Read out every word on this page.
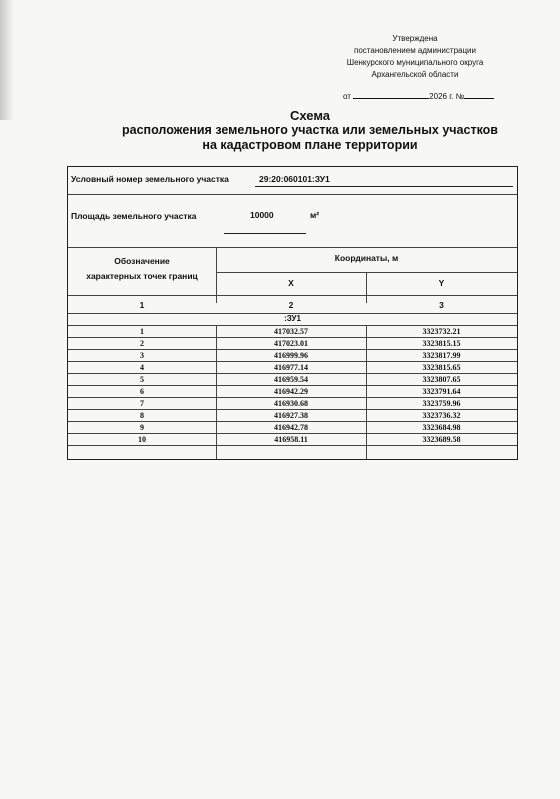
Утверждена
постановлением администрации
Шенкурского муниципального округа
Архангельской области
от	2026 г. №
Схема
расположения земельного участка или земельных участков
на кадастровом плане территории
Условный номер земельного участка	29:20:060101:ЗУ1
Площадь земельного участка	10000	м²
Обозначение
характерных точек границ
Координаты, м
X	Y
1	2	3
:ЗУ1
1	417032.57	3323732.21
2	417023.01	3323815.15
3	416999.96	3323817.99
4	416977.14	3323815.65
5	416959.54	3323807.65
6	416942.29	3323791.64
7	416930.68	3323759.96
8	416927.38	3323736.32
9	416942.78	3323684.98
10	416958.11	3323689.58
